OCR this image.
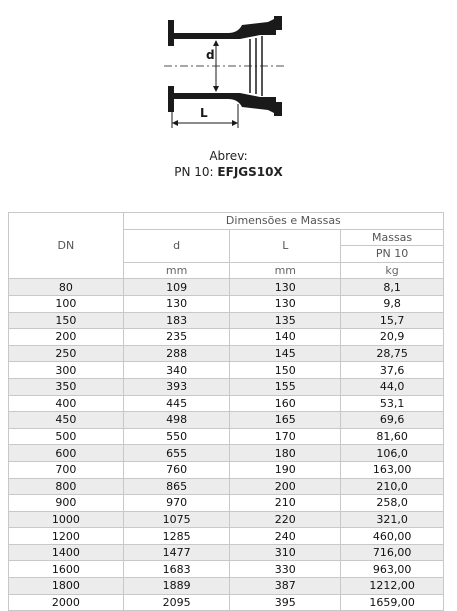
d
L
Abrev:
PN 10: EFJGS10X
DN	Dimensões e Massas		
	d	L	Massas
			PN 10
	mm	mm	kg
80	109	130	8,1
100	130	130	9,8
150	183	135	15,7
200	235	140	20,9
250	288	145	28,75
300	340	150	37,6
350	393	155	44,0
400	445	160	53,1
450	498	165	69,6
500	550	170	81,60
600	655	180	106,0
700	760	190	163,00
800	865	200	210,0
900	970	210	258,0
1000	1075	220	321,0
1200	1285	240	460,00
1400	1477	310	716,00
1600	1683	330	963,00
1800	1889	387	1212,00
2000	2095	395	1659,00
